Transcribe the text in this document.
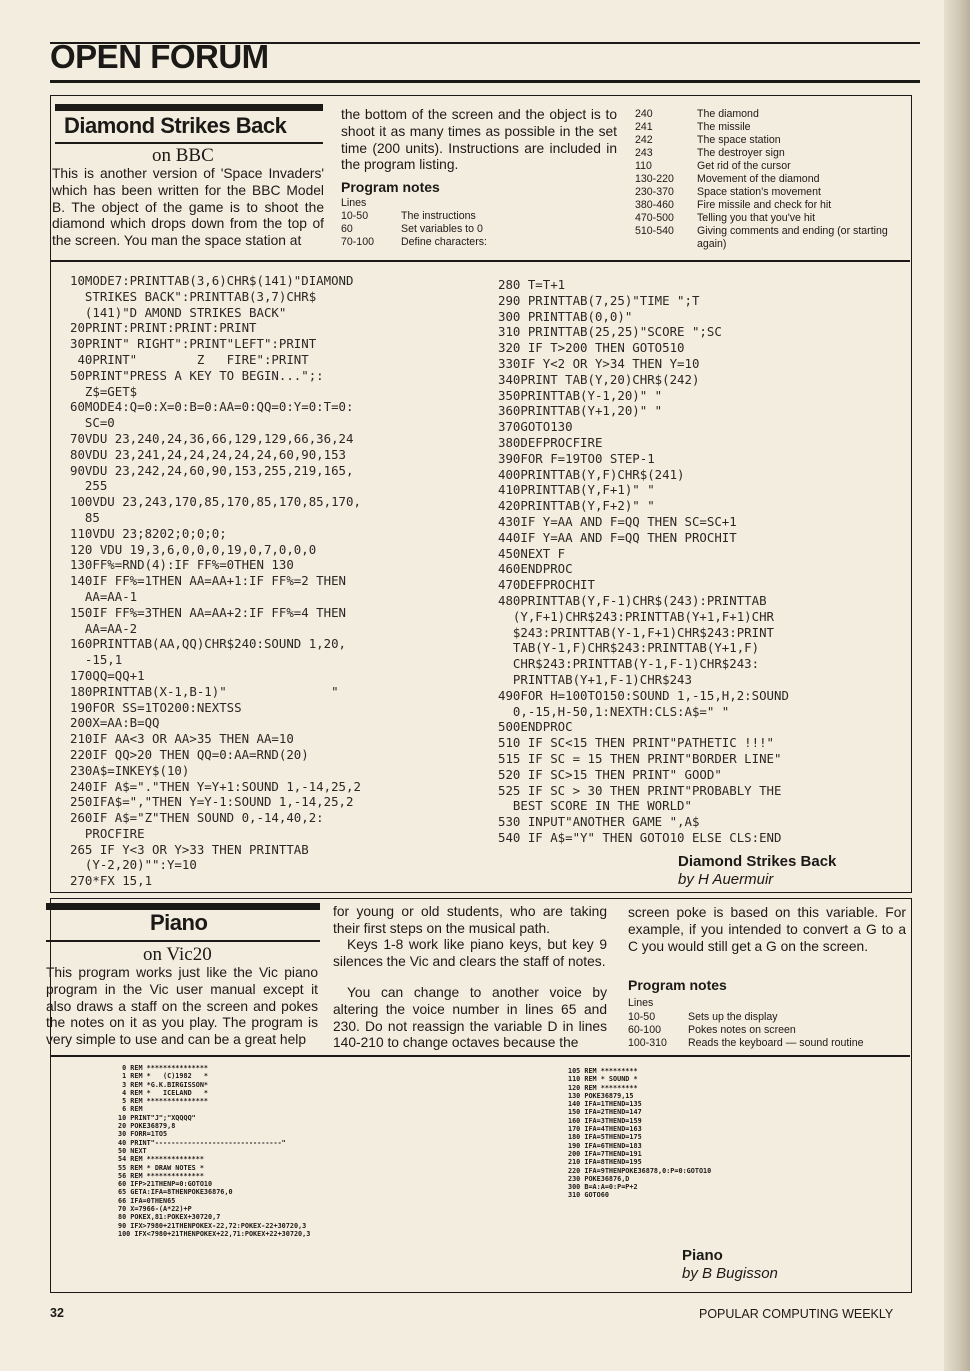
OPEN FORUM
Diamond Strikes Back
on BBC

This is another version of 'Space Invaders' which has been written for the BBC Model B. The object of the game is to shoot the diamond which drops down from the top of the screen. You man the space station at

the bottom of the screen and the object is to shoot it as many times as possible in the set time (200 units). Instructions are included in the program listing.

Program notes
Lines
10-50	The instructions
60	Set variables to 0
70-100	Define characters:
240	The diamond
241	The missile
242	The space station
243	The destroyer sign
110	Get rid of the cursor
130-220	Movement of the diamond
230-370	Space station's movement
380-460	Fire missile and check for hit
470-500	Telling you that you've hit
510-540	Giving comments and ending (or starting again)
10MODE7:PRINTTAB(3,6)CHR$(141)"DIAMOND
STRIKES BACK":PRINTTAB(3,7)CHR$
(141)"D AMOND STRIKES BACK"
20PRINT:PRINT:PRINT:PRINT
30PRINT" RIGHT":PRINT"LEFT":PRINT
40PRINT"        Z   FIRE":PRINT
50PRINT"PRESS A KEY TO BEGIN...";:
Z$=GET$
60MODE4:Q=0:X=0:B=0:AA=0:QQ=0:Y=0:T=0:
SC=0
70VDU 23,240,24,36,66,129,129,66,36,24
80VDU 23,241,24,24,24,24,24,60,90,153
90VDU 23,242,24,60,90,153,255,219,165,
255
100VDU 23,243,170,85,170,85,170,85,170,
85
110VDU 23;8202;0;0;0;
120 VDU 19,3,6,0,0,0,19,0,7,0,0,0
130FF%=RND(4):IF FF%=0THEN 130
140IF FF%=1THEN AA=AA+1:IF FF%=2 THEN
AA=AA-1
150IF FF%=3THEN AA=AA+2:IF FF%=4 THEN
AA=AA-2
160PRINTTAB(AA,QQ)CHR$240:SOUND 1,20,
-15,1
170QQ=QQ+1
180PRINTTAB(X-1,B-1)"              "
190FOR SS=1TO200:NEXTSS
200X=AA:B=QQ
210IF AA<3 OR AA>35 THEN AA=10
220IF QQ>20 THEN QQ=0:AA=RND(20)
230A$=INKEY$(10)
240IF A$="."THEN Y=Y+1:SOUND 1,-14,25,2
250IFA$=","THEN Y=Y-1:SOUND 1,-14,25,2
260IF A$="Z"THEN SOUND 0,-14,40,2:
PROCFIRE
265 IF Y<3 OR Y>33 THEN PRINTTAB
(Y-2,20)"":Y=10
270*FX 15,1
280 T=T+1
290 PRINTTAB(7,25)"TIME ";T
300 PRINTTAB(0,0)"
310 PRINTTAB(25,25)"SCORE ";SC
320 IF T>200 THEN GOTO510
330IF Y<2 OR Y>34 THEN Y=10
340PRINT TAB(Y,20)CHR$(242)
350PRINTTAB(Y-1,20)" "
360PRINTTAB(Y+1,20)" "
370GOTO130
380DEFPROCFIRE
390FOR F=19TO0 STEP-1
400PRINTTAB(Y,F)CHR$(241)
410PRINTTAB(Y,F+1)" "
420PRINTTAB(Y,F+2)" "
430IF Y=AA AND F=QQ THEN SC=SC+1
440IF Y=AA AND F=QQ THEN PROCHIT
450NEXT F
460ENDPROC
470DEFPROCHIT
480PRINTTAB(Y,F-1)CHR$(243):PRINTTAB
(Y,F+1)CHR$243:PRINTTAB(Y+1,F+1)CHR
$243:PRINTTAB(Y-1,F+1)CHR$243:PRINT
TAB(Y-1,F)CHR$243:PRINTTAB(Y+1,F)
CHR$243:PRINTTAB(Y-1,F-1)CHR$243:
PRINTTAB(Y+1,F-1)CHR$243
490FOR H=100TO150:SOUND 1,-15,H,2:SOUND
0,-15,H-50,1:NEXTH:CLS:A$=" "
500ENDPROC
510 IF SC<15 THEN PRINT"PATHETIC !!!"
515 IF SC = 15 THEN PRINT"BORDER LINE"
520 IF SC>15 THEN PRINT" GOOD"
525 IF SC > 30 THEN PRINT"PROBABLY THE
BEST SCORE IN THE WORLD"
530 INPUT"ANOTHER GAME ",A$
540 IF A$="Y" THEN GOTO10 ELSE CLS:END
Diamond Strikes Back
by H Auermuir
Piano
on Vic20

This program works just like the Vic piano program in the Vic user manual except it also draws a staff on the screen and pokes the notes on it as you play. The program is very simple to use and can be a great help

for young or old students, who are taking their first steps on the musical path.

Keys 1-8 work like piano keys, but key 9 silences the Vic and clears the staff of notes.

You can change to another voice by altering the voice number in lines 65 and 230. Do not reassign the variable D in lines 140-210 to change octaves because the

screen poke is based on this variable. For example, if you intended to convert a G to a C you would still get a G on the screen.

Program notes
Lines
10-50	Sets up the display
60-100	Pokes notes on screen
100-310	Reads the keyboard — sound routine
0 REM ***************
1 REM *   (C)1982   *
3 REM *G.K.BIRGISSON*
4 REM *   ICELAND   *
5 REM ***************
6 REM
10 PRINT"J";"XQQQQ"
20 POKE36879,8
30 FORR=1TO5
40 PRINT"-------------------------------"
50 NEXT
54 REM **************
55 REM * DRAW NOTES *
56 REM **************
60 IFP>21THENP=0:GOTO10
65 GETA:IFA=8THENPOKE36876,0
66 IFA=0THEN65
70 X=7966-(A*22)+P
80 POKEX,81:POKEX+30720,7
90 IFX>7980+21THENPOKEX-22,72:POKEX-22+30720,3
100 IFX<7980+21THENPOKEX+22,71:POKEX+22+30720,3
105 REM *********
110 REM * SOUND *
120 REM *********
130 POKE36879,15
140 IFA=1THEND=135
150 IFA=2THEND=147
160 IFA=3THEND=159
170 IFA=4THEND=163
180 IFA=5THEND=175
190 IFA=6THEND=183
200 IFA=7THEND=191
210 IFA=8THEND=195
220 IFA=9THENPOKE36878,0:P=0:GOTO10
230 POKE36876,D
300 B=A:A=0:P=P+2
310 GOTO60
Piano
by B Bugisson
32	POPULAR COMPUTING WEEKLY
